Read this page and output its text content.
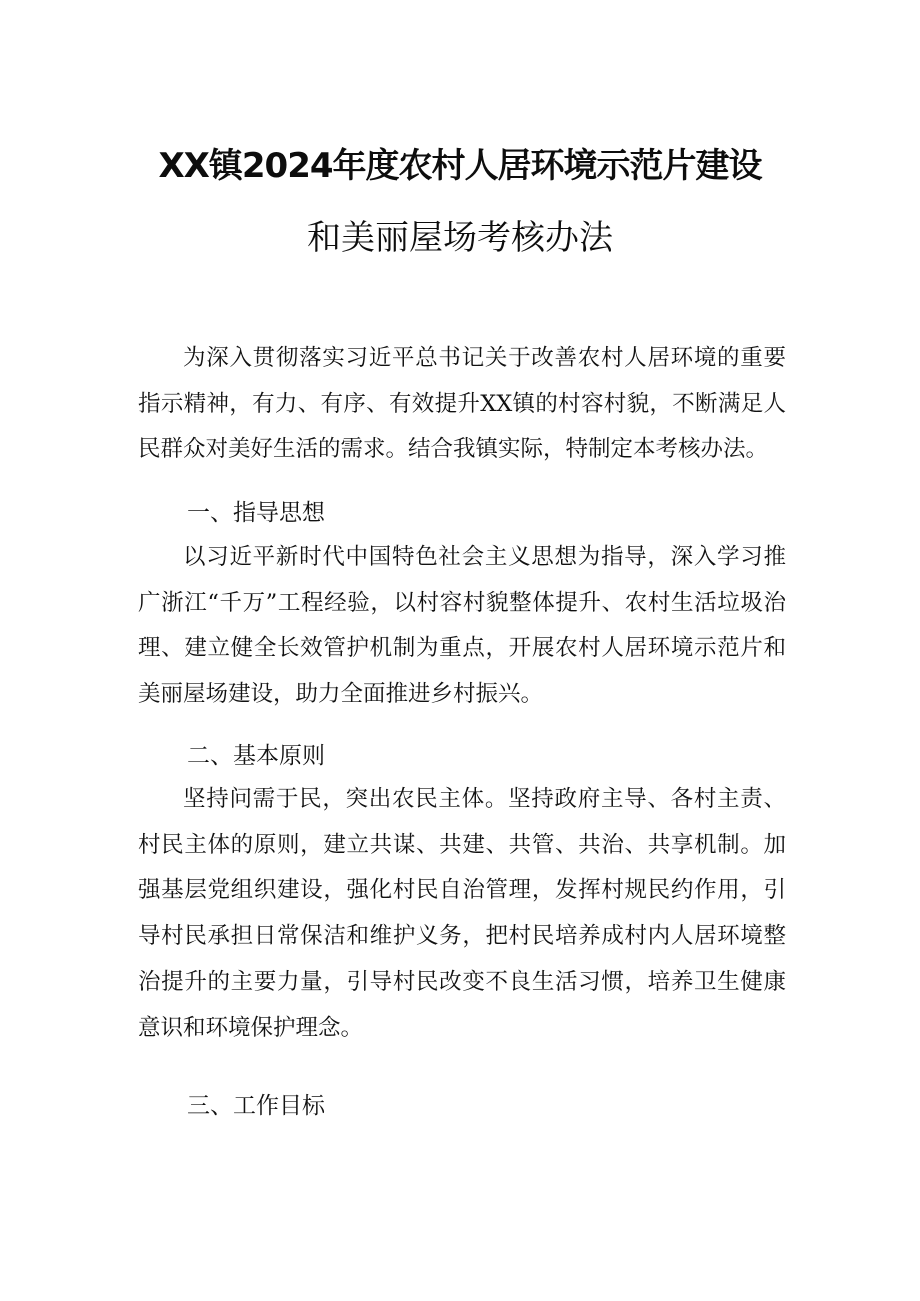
XX镇2024年度农村人居环境示范片建设
和美丽屋场考核办法
为深入贯彻落实习近平总书记关于改善农村人居环境的重要指示精神，有力、有序、有效提升XX镇的村容村貌，不断满足人民群众对美好生活的需求。结合我镇实际，特制定本考核办法。
一、指导思想
以习近平新时代中国特色社会主义思想为指导，深入学习推广浙江“千万”工程经验，以村容村貌整体提升、农村生活垃圾治理、建立健全长效管护机制为重点，开展农村人居环境示范片和美丽屋场建设，助力全面推进乡村振兴。
二、基本原则
坚持问需于民，突出农民主体。坚持政府主导、各村主责、村民主体的原则，建立共谋、共建、共管、共治、共享机制。加强基层党组织建设，强化村民自治管理，发挥村规民约作用，引导村民承担日常保洁和维护义务，把村民培养成村内人居环境整治提升的主要力量，引导村民改变不良生活习惯，培养卫生健康意识和环境保护理念。
三、工作目标
